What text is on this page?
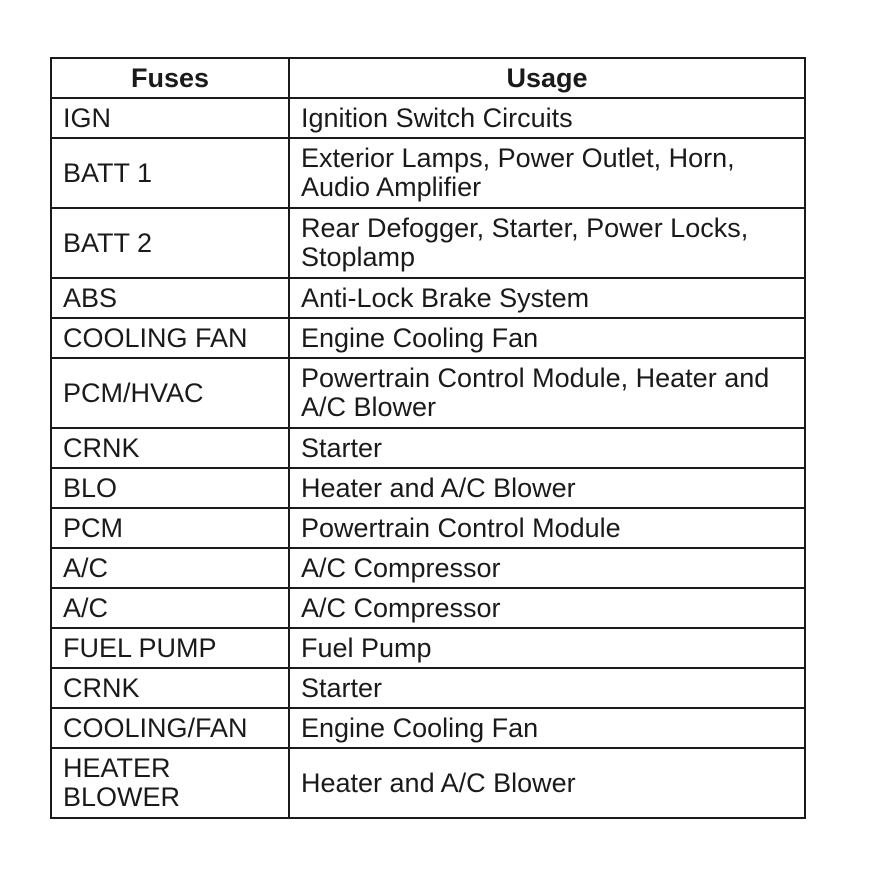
Fuses	Usage
IGN	Ignition Switch Circuits
BATT 1	Exterior Lamps, Power Outlet, Horn, Audio Amplifier
BATT 2	Rear Defogger, Starter, Power Locks, Stoplamp
ABS	Anti-Lock Brake System
COOLING FAN	Engine Cooling Fan
PCM/HVAC	Powertrain Control Module, Heater and A/C Blower
CRNK	Starter
BLO	Heater and A/C Blower
PCM	Powertrain Control Module
A/C	A/C Compressor
A/C	A/C Compressor
FUEL PUMP	Fuel Pump
CRNK	Starter
COOLING/FAN	Engine Cooling Fan
HEATER BLOWER	Heater and A/C Blower
